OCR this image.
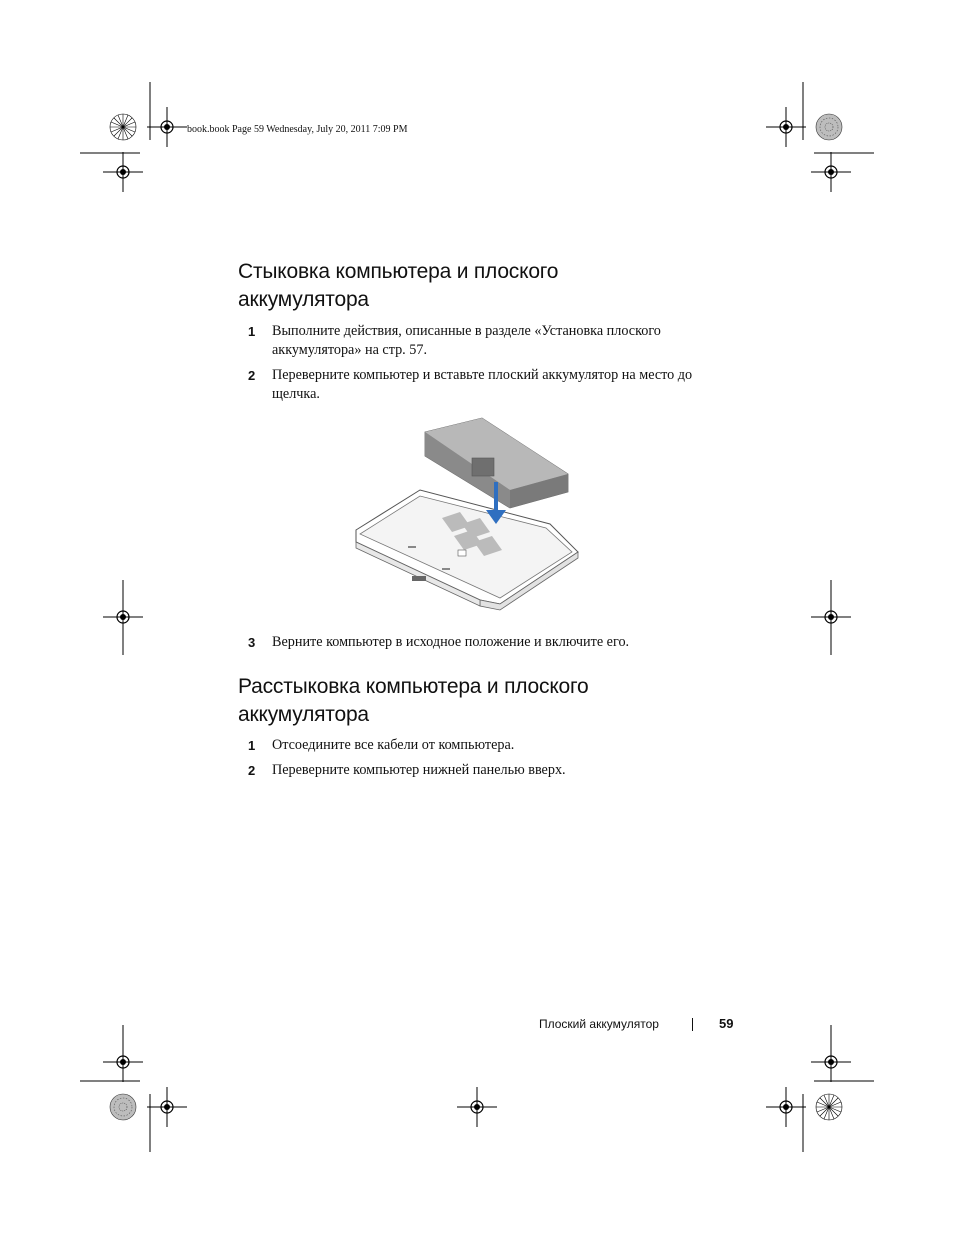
book.book Page 59 Wednesday, July 20, 2011 7:09 PM
Стыковка компьютера и плоского
аккумулятора
1 Выполните действия, описанные в разделе «Установка плоского аккумулятора» на стр. 57.
2 Переверните компьютер и вставьте плоский аккумулятор на место до щелчка.
3 Верните компьютер в исходное положение и включите его.
Расстыковка компьютера и плоского
аккумулятора
1 Отсоедините все кабели от компьютера.
2 Переверните компьютер нижней панелью вверх.
Плоский аккумулятор	59
